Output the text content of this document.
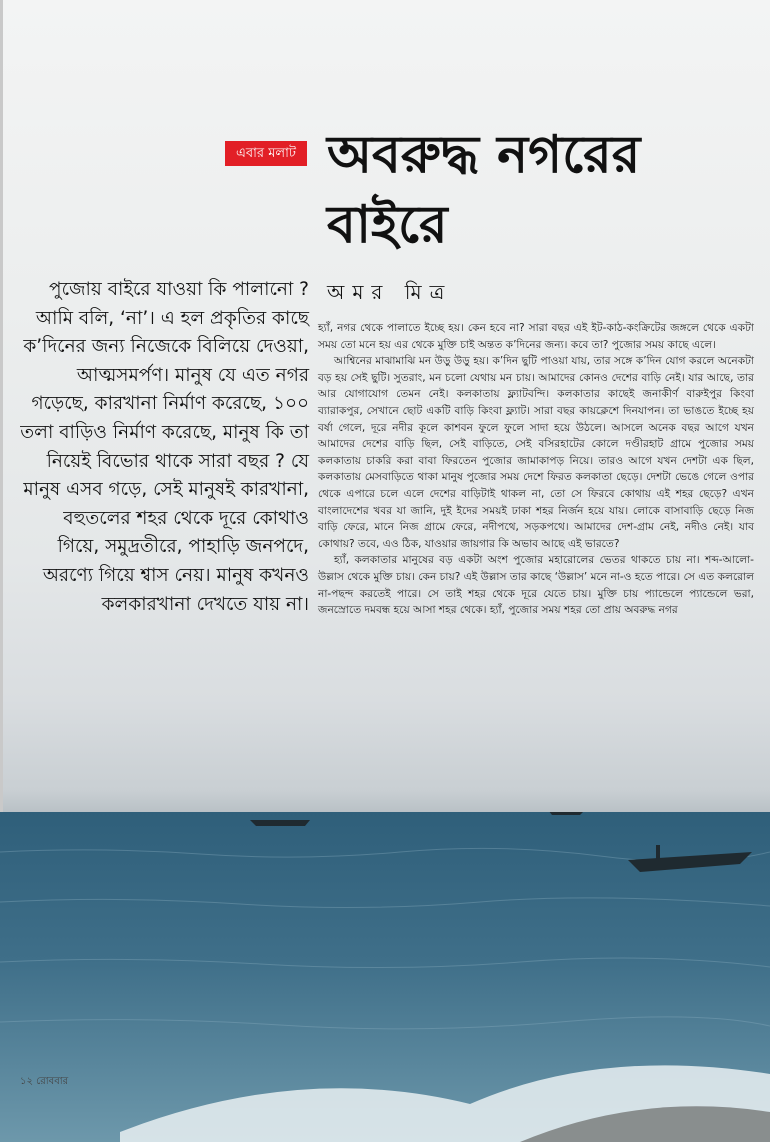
এবার মলাট অবরুদ্ধ নগরের বাইরে
অমর মিত্র

পুজোয় বাইরে যাওয়া কি পালানো ? আমি বলি, ‘না’। এ হল প্রকৃতির কাছে ক’দিনের জন্য নিজেকে বিলিয়ে দেওয়া, আত্মসমর্পণ। মানুষ যে এত নগর গড়েছে, কারখানা নির্মাণ করেছে, ১০০ তলা বাড়িও নির্মাণ করেছে, মানুষ কি তা নিয়েই বিভোর থাকে সারা বছর ? যে মানুষ এসব গড়ে, সেই মানুষই কারখানা, বহুতলের শহর থেকে দূরে কোথাও গিয়ে, সমুদ্রতীরে, পাহাড়ি জনপদে, অরণ্যে গিয়ে শ্বাস নেয়। মানুষ কখনও কলকারখানা দেখতে যায় না।

হ্যাঁ, নগর থেকে পালাতে ইচ্ছে হয়। কেন হবে না? সারা বছর এই ইট-কাঠ-কংক্রিটের জঙ্গলে থেকে একটা সময় তো মনে হয় এর থেকে মুক্তি চাই অন্তত ক’দিনের জন্য। কবে তা? পুজোর সময় কাছে এলে।

আশ্বিনের মাঝামাঝি মন উড়ু উড়ু হয়। ক’দিন ছুটি পাওয়া যায়, তার সঙ্গে ক’দিন যোগ করলে অনেকটা বড় হয় সেই ছুটি। সুতরাং, মন চলো যেথায় মন চায়। আমাদের কোনও দেশের বাড়ি নেই। যার আছে, তার আর যোগাযোগ তেমন নেই। কলকাতায় ফ্ল্যাটবন্দি। কলকাতার কাছেই জনাকীর্ণ বারুইপুর কিংবা ব্যারাকপুর, সেখানে ছোট একটি বাড়ি কিংবা ফ্ল্যাট। সারা বছর কায়ক্লেশে দিনযাপন। তা ভাঙতে ইচ্ছে হয় বর্ষা গেলে, দূরে নদীর কূলে কাশবন ফুলে ফুলে সাদা হয়ে উঠলে। আসলে অনেক বছর আগে যখন আমাদের দেশের বাড়ি ছিল, সেই বাড়িতে, সেই বসিরহাটের কোলে দণ্ডীরহাট গ্রামে পুজোর সময় কলকাতায় চাকরি করা বাবা ফিরতেন পুজোর জামাকাপড় নিয়ে। তারও আগে যখন দেশটা এক ছিল, কলকাতায় মেসবাড়িতে থাকা মানুষ পুজোর সময় দেশে ফিরত কলকাতা ছেড়ে। দেশটা ভেঙে গেলে ওপার থেকে এপারে চলে এলে দেশের বাড়িটাই থাকল না, তো সে ফিরবে কোথায় এই শহর ছেড়ে? এখন বাংলাদেশের খবর যা জানি, দুই ইদের সময়ই ঢাকা শহর নির্জন হয়ে যায়। লোকে বাসাবাড়ি ছেড়ে নিজ বাড়ি ফেরে, মানে নিজ গ্রামে ফেরে, নদীপথে, সড়কপথে। আমাদের দেশ-গ্রাম নেই, নদীও নেই। যাব কোথায়? তবে, এও ঠিক, যাওয়ার জায়গার কি অভাব আছে এই ভারতে?

হ্যাঁ, কলকাতার মানুষের বড় একটা অংশ পুজোর মহারোলের ভেতর থাকতে চায় না। শব্দ-আলো-উল্লাস থেকে মুক্তি চায়। কেন চায়? এই উল্লাস তার কাছে ‘উল্লাস’ মনে না-ও হতে পারে। সে এত কলরোল না-পছন্দ করতেই পারে। সে তাই শহর থেকে দূরে যেতে চায়। মুক্তি চায় প্যান্ডেলে প্যান্ডেলে ভরা, জনস্রোতে দমবন্ধ হয়ে আসা শহর থেকে। হ্যাঁ, পুজোর সময় শহর তো প্রায় অবরুদ্ধ নগর

১২ রোববার
